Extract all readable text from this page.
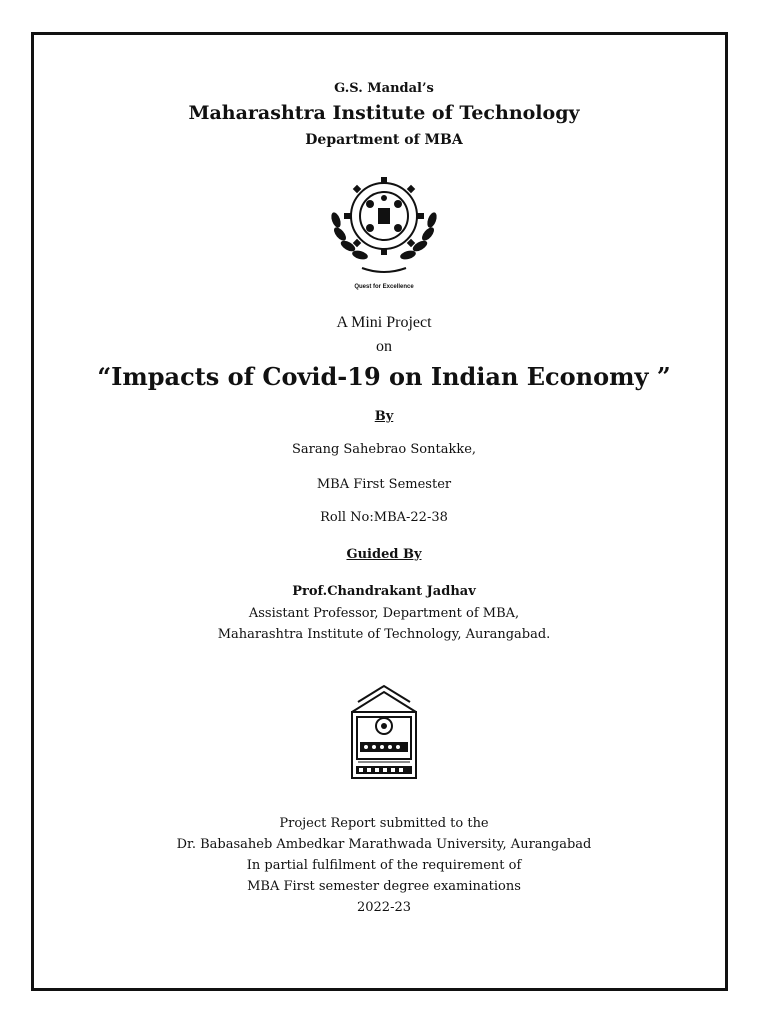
G.S. Mandal’s
Maharashtra Institute of Technology
Department of MBA
Quest for Excellence
A Mini Project
on
“Impacts of Covid-19 on Indian Economy ”
By
Sarang Sahebrao Sontakke,
MBA First Semester
Roll No:MBA-22-38
Guided By
Prof.Chandrakant Jadhav
Assistant Professor, Department of MBA,
Maharashtra Institute of Technology, Aurangabad.
Project Report submitted to the
Dr. Babasaheb Ambedkar Marathwada University, Aurangabad
In partial fulfilment of the requirement of
MBA First semester degree examinations
2022-23
